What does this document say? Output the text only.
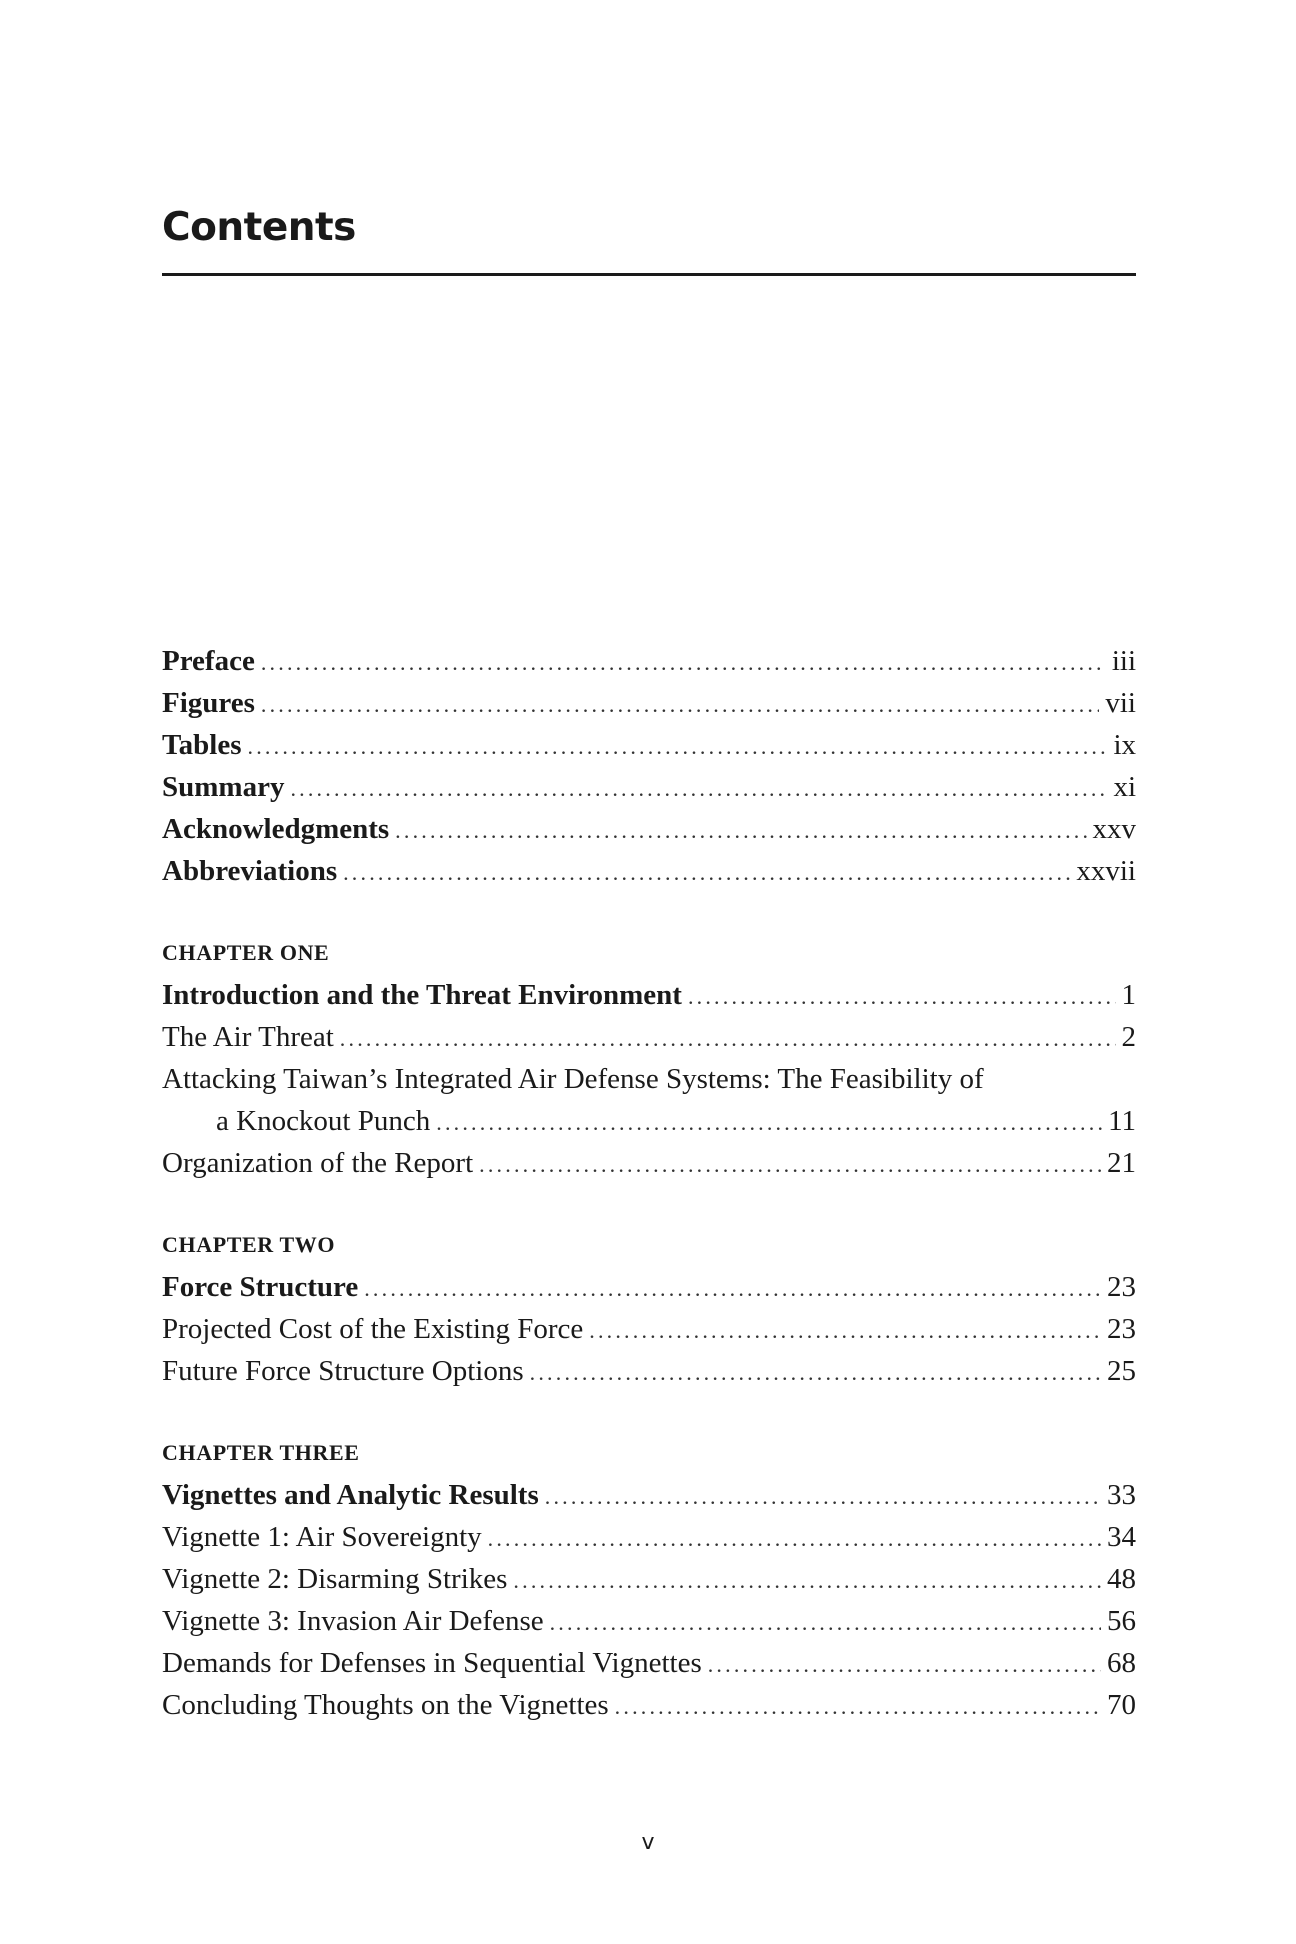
Contents
Preface .....	iii
Figures .....	vii
Tables .....	ix
Summary .....	xi
Acknowledgments .....	xxv
Abbreviations .....	xxvii
CHAPTER ONE
Introduction and the Threat Environment .....	1
The Air Threat .....	2
Attacking Taiwan’s Integrated Air Defense Systems: The Feasibility of
a Knockout Punch .....	11
Organization of the Report .....	21
CHAPTER TWO
Force Structure .....	23
Projected Cost of the Existing Force .....	23
Future Force Structure Options .....	25
CHAPTER THREE
Vignettes and Analytic Results .....	33
Vignette 1: Air Sovereignty .....	34
Vignette 2: Disarming Strikes .....	48
Vignette 3: Invasion Air Defense .....	56
Demands for Defenses in Sequential Vignettes .....	68
Concluding Thoughts on the Vignettes .....	70
v
